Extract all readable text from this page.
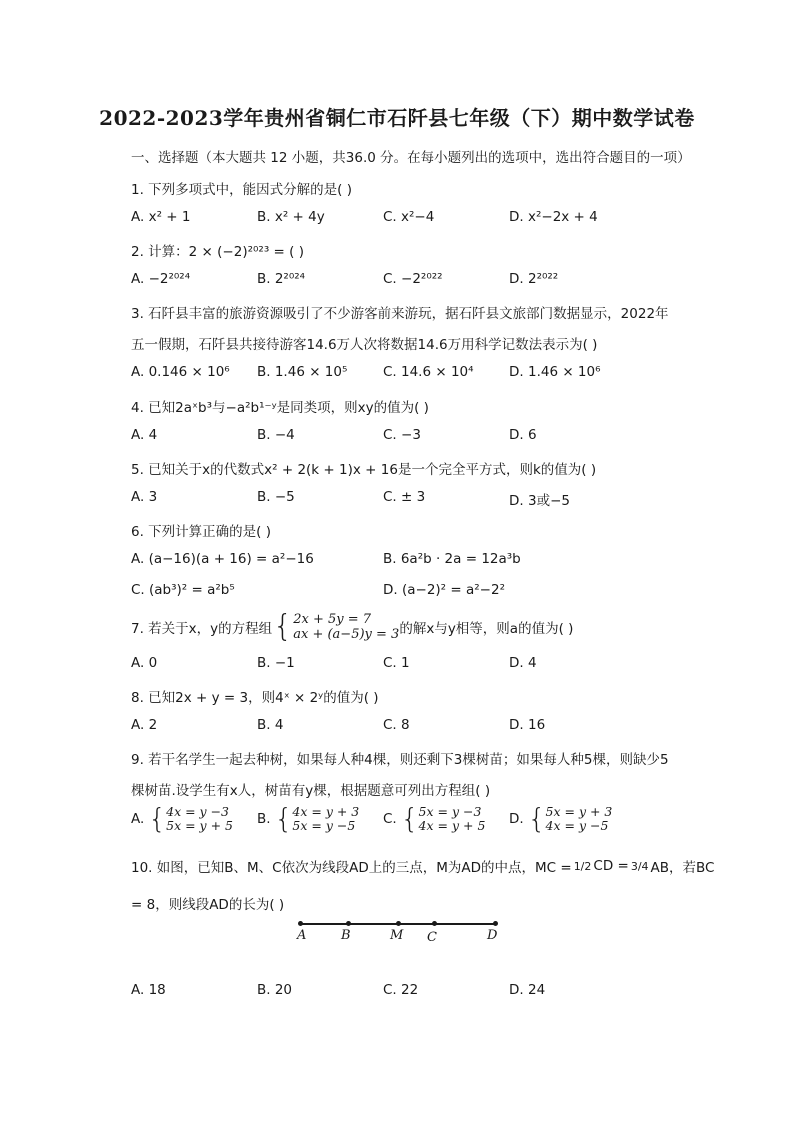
2022-2023学年贵州省铜仁市石阡县七年级（下）期中数学试卷
一、选择题（本大题共 12 小题，共36.0 分。在每小题列出的选项中，选出符合题目的一项）
1. 下列多项式中，能因式分解的是( )
A. x² + 1	B. x² + 4y	C. x²−4	D. x²−2x + 4
2. 计算：2 × (−2)²⁰²³ = ( )
A. −2²⁰²⁴	B. 2²⁰²⁴	C. −2²⁰²²	D. 2²⁰²²
3. 石阡县丰富的旅游资源吸引了不少游客前来游玩，据石阡县文旅部门数据显示，2022年
五一假期，石阡县共接待游客14.6万人次将数据14.6万用科学记数法表示为( )
A. 0.146 × 10⁶ B. 1.46 × 10⁵	C. 14.6 × 10⁴	D. 1.46 × 10⁶
4. 已知2aˣb³与−a²b¹⁻ʸ是同类项，则xy的值为( )
A. 4	B. −4	C. −3	D. 6
5. 已知关于x的代数式x² + 2(k + 1)x + 16是一个完全平方式，则k的值为( )
A. 3	B. −5	C. ± 3	D. 3或−5
6. 下列计算正确的是( )
A. (a−16)(a + 16) = a²−16	B. 6a²b · 2a = 12a³b
C. (ab³)² = a²b⁵	D. (a−2)² = a²−2²
7. 若关于x，y的方程组 { 2x + 5y = 7
ax + (a−5)y = 3 的解x与y相等，则a的值为( )
A. 0	B. −1	C. 1	D. 4
8. 已知2x + y = 3，则4ˣ × 2ʸ的值为( )
A. 2	B. 4	C. 8	D. 16
9. 若干名学生一起去种树，如果每人种4棵，则还剩下3棵树苗；如果每人种5棵，则缺少5
棵树苗.设学生有x人，树苗有y棵，根据题意可列出方程组( )
A. { 4x = y −3
5x = y + 5 B. { 4x = y + 3
5x = y −5 C. { 5x = y −3
4x = y + 5 D. { 5x = y + 3
4x = y −5
10. 如图，已知B、M、C依次为线段AD上的三点，M为AD的中点，MC = 1/2 CD = 3/4 AB，若BC
= 8，则线段AD的长为( )
A	B	M C	D
A. 18	B. 20	C. 22	D. 24
